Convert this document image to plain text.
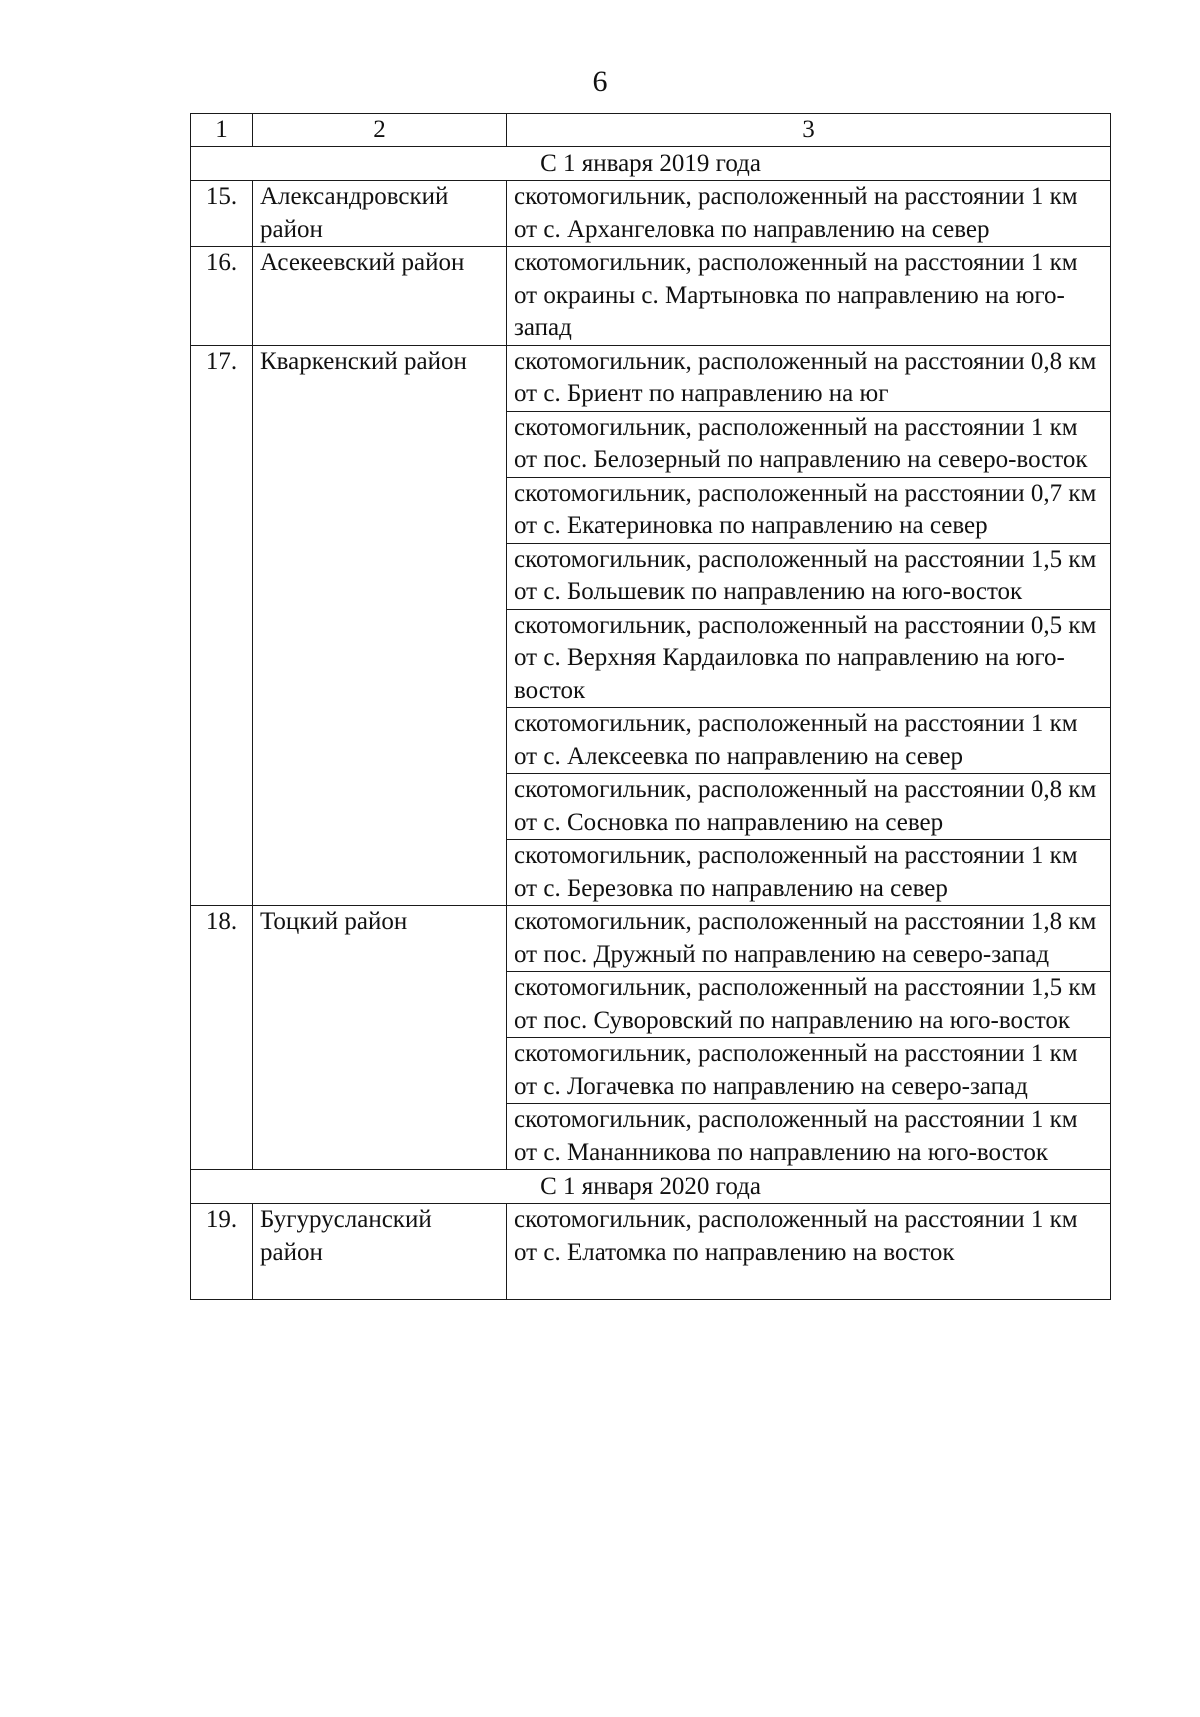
6
1	2	3
С 1 января 2019 года		
15.	Александровский район	скотомогильник, расположенный на расстоянии 1 км от с. Архангеловка по направлению на север
16.	Асекеевский район	скотомогильник, расположенный на расстоянии 1 км от окраины с. Мартыновка по направлению на юго-запад
17.	Кваркенский район	скотомогильник, расположенный на расстоянии 0,8 км от с. Бриент по направлению на юг
		скотомогильник, расположенный на расстоянии 1 км от пос. Белозерный по направлению на северо-восток
		скотомогильник, расположенный на расстоянии 0,7 км от с. Екатериновка по направлению на север
		скотомогильник, расположенный на расстоянии 1,5 км от с. Большевик по направлению на юго-восток
		скотомогильник, расположенный на расстоянии 0,5 км от с. Верхняя Кардаиловка по направлению на юго-восток
		скотомогильник, расположенный на расстоянии 1 км от с. Алексеевка по направлению на север
		скотомогильник, расположенный на расстоянии 0,8 км от с. Сосновка по направлению на север
		скотомогильник, расположенный на расстоянии 1 км от с. Березовка по направлению на север
18.	Тоцкий район	скотомогильник, расположенный на расстоянии 1,8 км от пос. Дружный по направлению на северо-запад
		скотомогильник, расположенный на расстоянии 1,5 км от пос. Суворовский по направлению на юго-восток
		скотомогильник, расположенный на расстоянии 1 км от с. Логачевка по направлению на северо-запад
		скотомогильник, расположенный на расстоянии 1 км от с. Мананникова по направлению на юго-восток
С 1 января 2020 года		
19.	Бугурусланский район	скотомогильник, расположенный на расстоянии 1 км от с. Елатомка по направлению на восток
